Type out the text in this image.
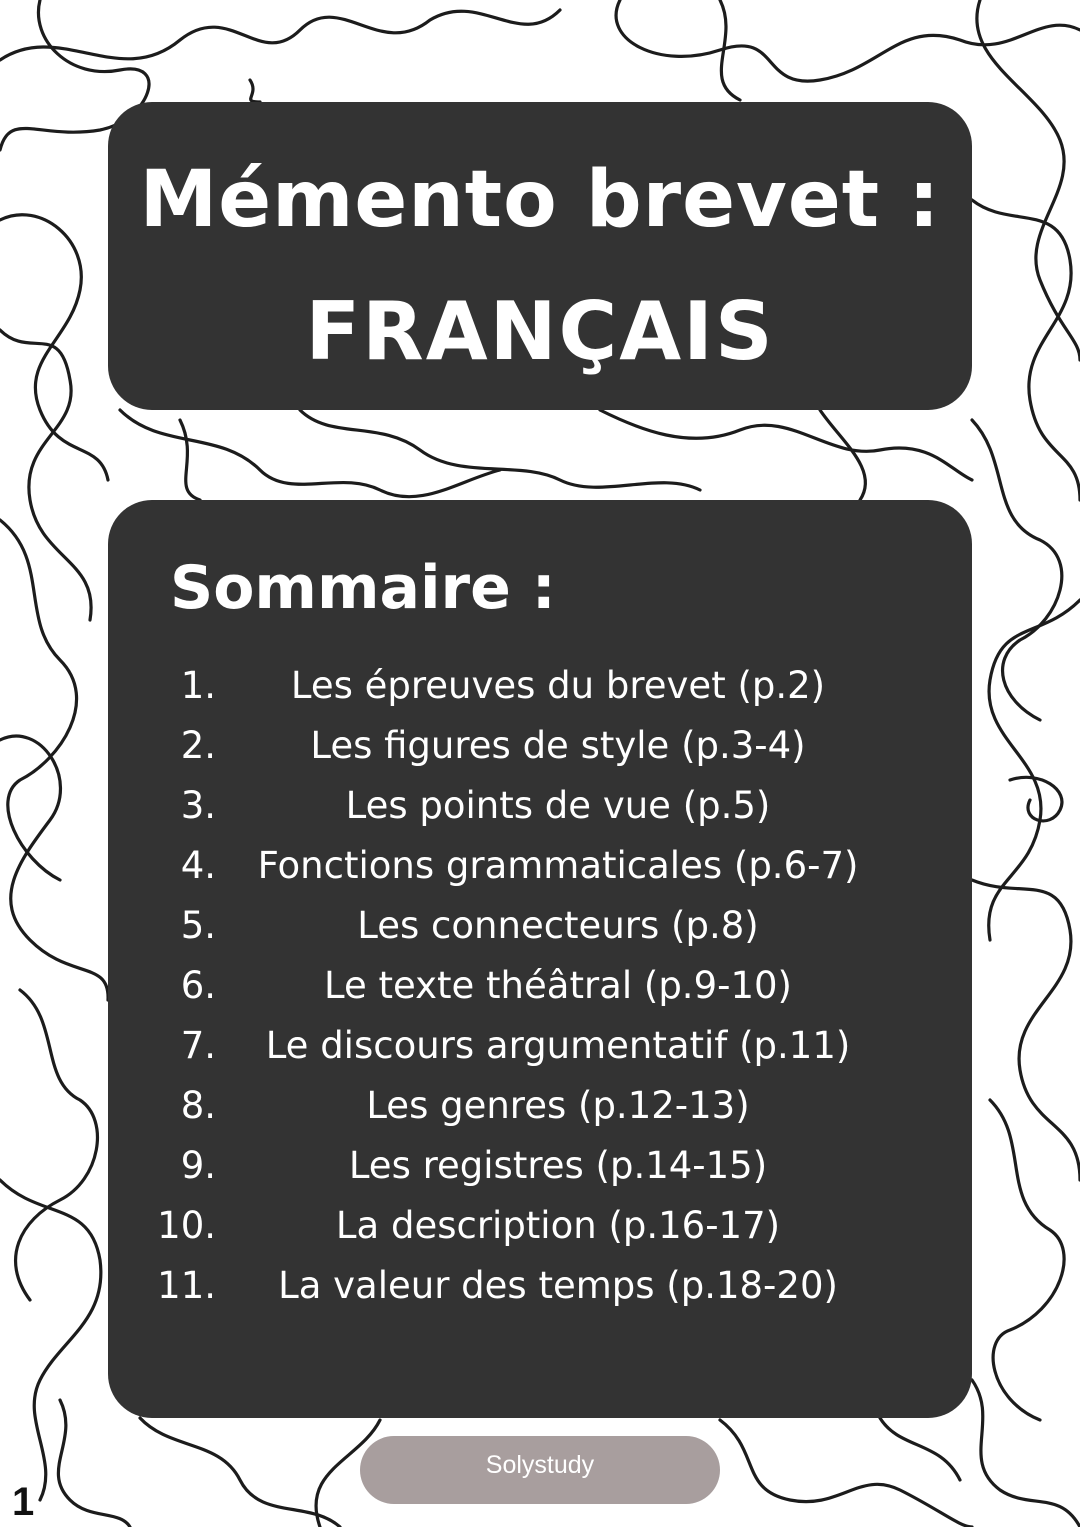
Mémento brevet :
FRANÇAIS
Sommaire :
1.	Les épreuves du brevet (p.2)
2.	Les figures de style (p.3-4)
3.	Les points de vue (p.5)
4.	Fonctions grammaticales (p.6-7)
5.	Les connecteurs (p.8)
6.	Le texte théâtral (p.9-10)
7.	Le discours argumentatif (p.11)
8.	Les genres (p.12-13)
9.	Les registres (p.14-15)
10.	La description (p.16-17)
11.	La valeur des temps (p.18-20)
Solystudy
1
